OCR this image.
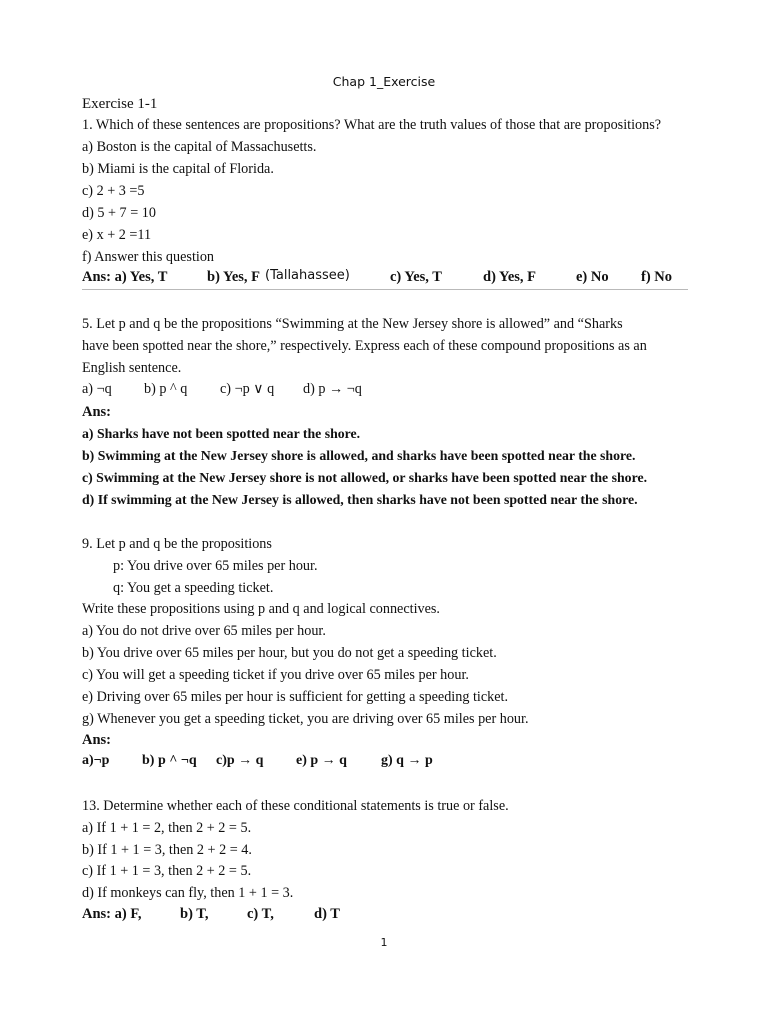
Chap 1_Exercise
Exercise 1-1
1. Which of these sentences are propositions? What are the truth values of those that are propositions?
a) Boston is the capital of Massachusetts.
b) Miami is the capital of Florida.
c) 2 + 3 =5
d) 5 + 7 = 10
e) x + 2 =11
f) Answer this question
Ans: a) Yes, T	b) Yes, F (Tallahassee)	c) Yes, T	d) Yes, F	e) No f) No
5. Let p and q be the propositions “Swimming at the New Jersey shore is allowed” and “Sharks
have been spotted near the shore,” respectively. Express each of these compound propositions as an
English sentence.
a) ¬q b) p ^ q c) ¬p ∨ q d) p → ¬q
Ans:
a) Sharks have not been spotted near the shore.
b) Swimming at the New Jersey shore is allowed, and sharks have been spotted near the shore.
c) Swimming at the New Jersey shore is not allowed, or sharks have been spotted near the shore.
d) If swimming at the New Jersey is allowed, then sharks have not been spotted near the shore.
9. Let p and q be the propositions
p: You drive over 65 miles per hour.
q: You get a speeding ticket.
Write these propositions using p and q and logical connectives.
a) You do not drive over 65 miles per hour.
b) You drive over 65 miles per hour, but you do not get a speeding ticket.
c) You will get a speeding ticket if you drive over 65 miles per hour.
e) Driving over 65 miles per hour is sufficient for getting a speeding ticket.
g) Whenever you get a speeding ticket, you are driving over 65 miles per hour.
Ans:
a)¬p b) p ^ ¬q c)p → q e) p → q g) q → p
13. Determine whether each of these conditional statements is true or false.
a) If 1 + 1 = 2, then 2 + 2 = 5.
b) If 1 + 1 = 3, then 2 + 2 = 4.
c) If 1 + 1 = 3, then 2 + 2 = 5.
d) If monkeys can fly, then 1 + 1 = 3.
Ans: a) F,	b) T,	c) T,	d) T
1
